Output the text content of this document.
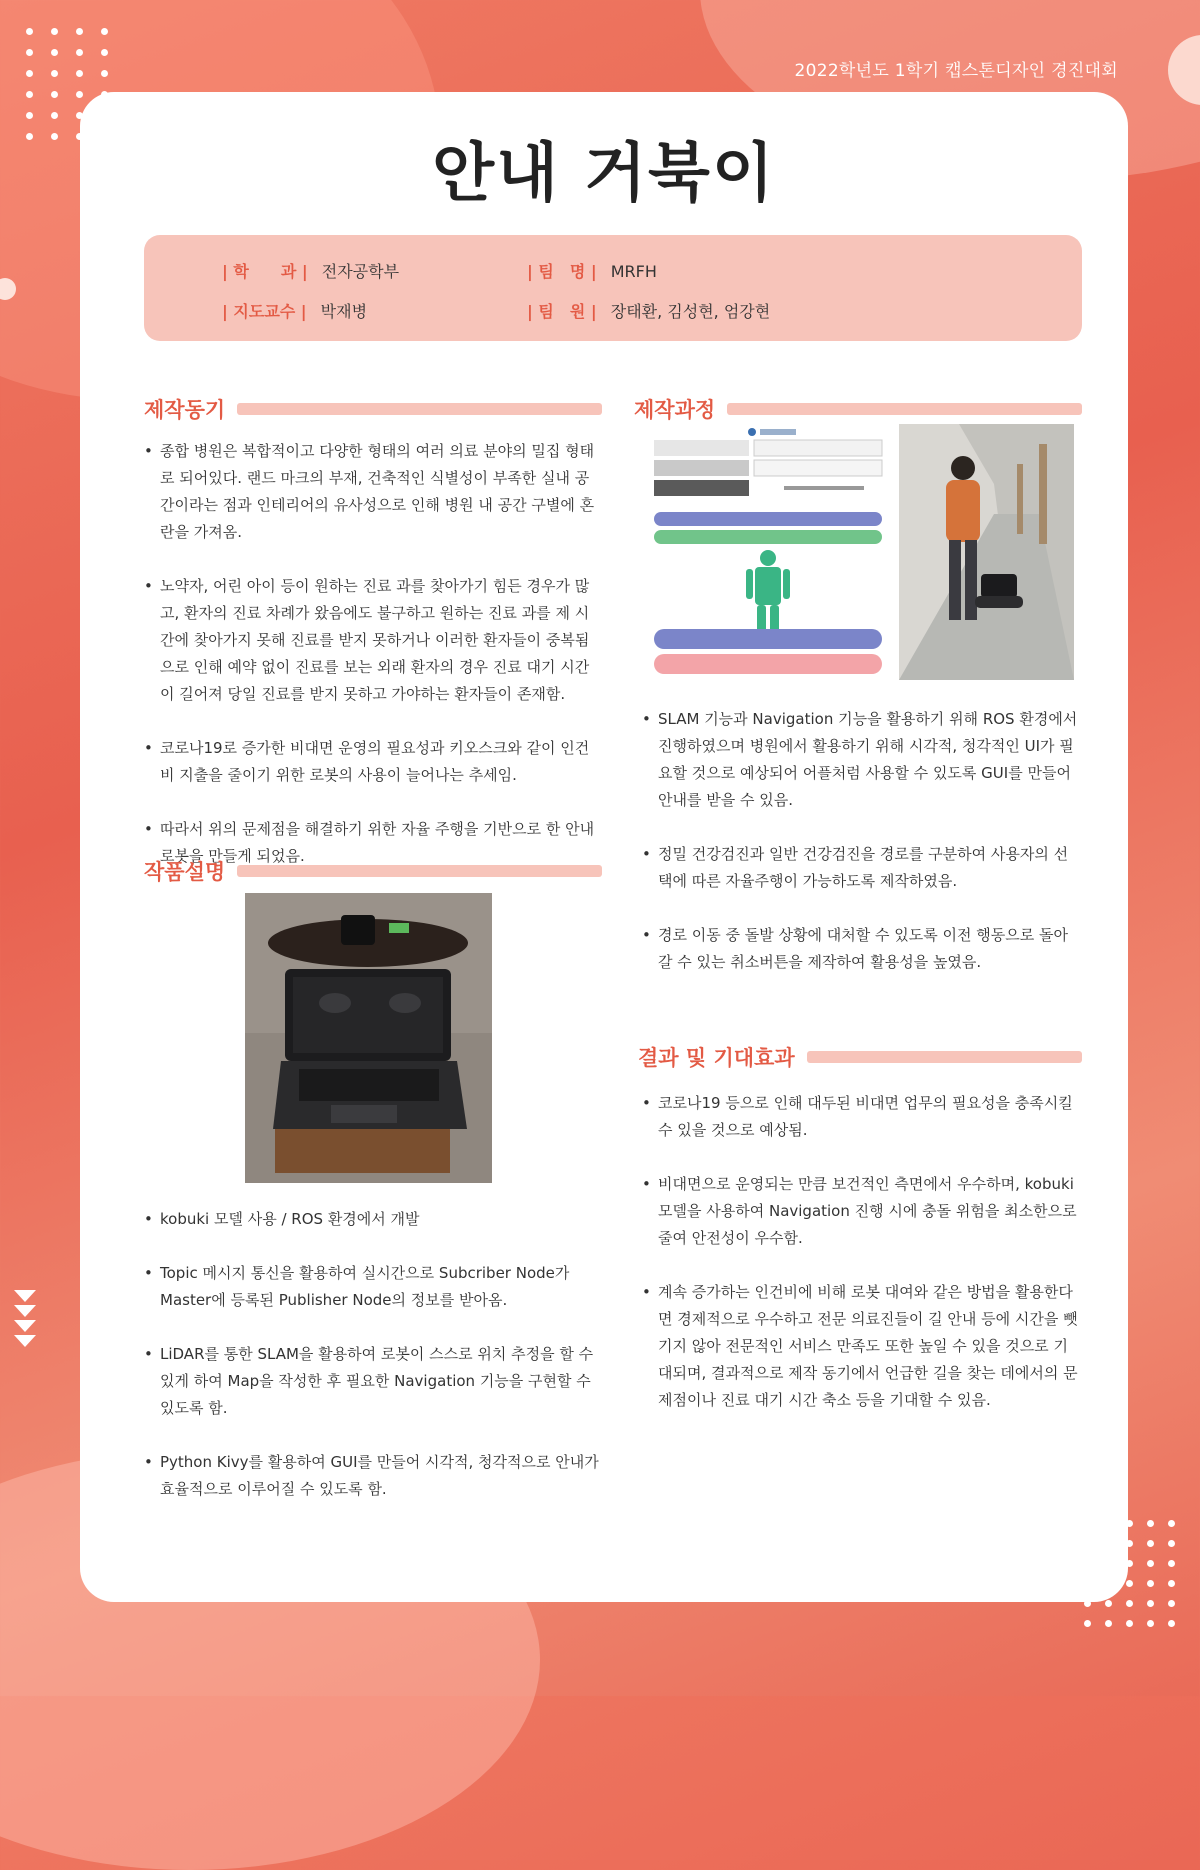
2022학년도 1학기 캡스톤디자인 경진대회
안내 거북이
| 학　　과 | 전자공학부
| 지도교수 | 박재병
| 팀　명 | MRFH
| 팀　원 | 장태환, 김성현, 엄강현
제작동기
• 종합 병원은 복합적이고 다양한 형태의 여러 의료 분야의 밀집 형태로 되어있다. 랜드 마크의 부재, 건축적인 식별성이 부족한 실내 공간이라는 점과 인테리어의 유사성으로 인해 병원 내 공간 구별에 혼란을 가져옴.
• 노약자, 어린 아이 등이 원하는 진료 과를 찾아가기 힘든 경우가 많고, 환자의 진료 차례가 왔음에도 불구하고 원하는 진료 과를 제 시간에 찾아가지 못해 진료를 받지 못하거나 이러한 환자들이 중복됨으로 인해 예약 없이 진료를 보는 외래 환자의 경우 진료 대기 시간이 길어져 당일 진료를 받지 못하고 가야하는 환자들이 존재함.
• 코로나19로 증가한 비대면 운영의 필요성과 키오스크와 같이 인건비 지출을 줄이기 위한 로봇의 사용이 늘어나는 추세임.
• 따라서 위의 문제점을 해결하기 위한 자율 주행을 기반으로 한 안내 로봇을 만들게 되었음.
작품설명
• kobuki 모델 사용 / ROS 환경에서 개발
• Topic 메시지 통신을 활용하여 실시간으로 Subcriber Node가 Master에 등록된 Publisher Node의 정보를 받아옴.
• LiDAR를 통한 SLAM을 활용하여 로봇이 스스로 위치 추정을 할 수 있게 하여 Map을 작성한 후 필요한 Navigation 기능을 구현할 수 있도록 함.
• Python Kivy를 활용하여 GUI를 만들어 시각적, 청각적으로 안내가 효율적으로 이루어질 수 있도록 함.
제작과정
• SLAM 기능과 Navigation 기능을 활용하기 위해 ROS 환경에서 진행하였으며 병원에서 활용하기 위해 시각적, 청각적인 UI가 필요할 것으로 예상되어 어플처럼 사용할 수 있도록 GUI를 만들어 안내를 받을 수 있음.
• 정밀 건강검진과 일반 건강검진을 경로를 구분하여 사용자의 선택에 따른 자율주행이 가능하도록 제작하였음.
• 경로 이동 중 돌발 상황에 대처할 수 있도록 이전 행동으로 돌아갈 수 있는 취소버튼을 제작하여 활용성을 높였음.
결과 및 기대효과
• 코로나19 등으로 인해 대두된 비대면 업무의 필요성을 충족시킬 수 있을 것으로 예상됨.
• 비대면으로 운영되는 만큼 보건적인 측면에서 우수하며, kobuki 모델을 사용하여 Navigation 진행 시에 충돌 위험을 최소한으로 줄여 안전성이 우수함.
• 계속 증가하는 인건비에 비해 로봇 대여와 같은 방법을 활용한다면 경제적으로 우수하고 전문 의료진들이 길 안내 등에 시간을 뺏기지 않아 전문적인 서비스 만족도 또한 높일 수 있을 것으로 기대되며, 결과적으로 제작 동기에서 언급한 길을 찾는 데에서의 문제점이나 진료 대기 시간 축소 등을 기대할 수 있음.
